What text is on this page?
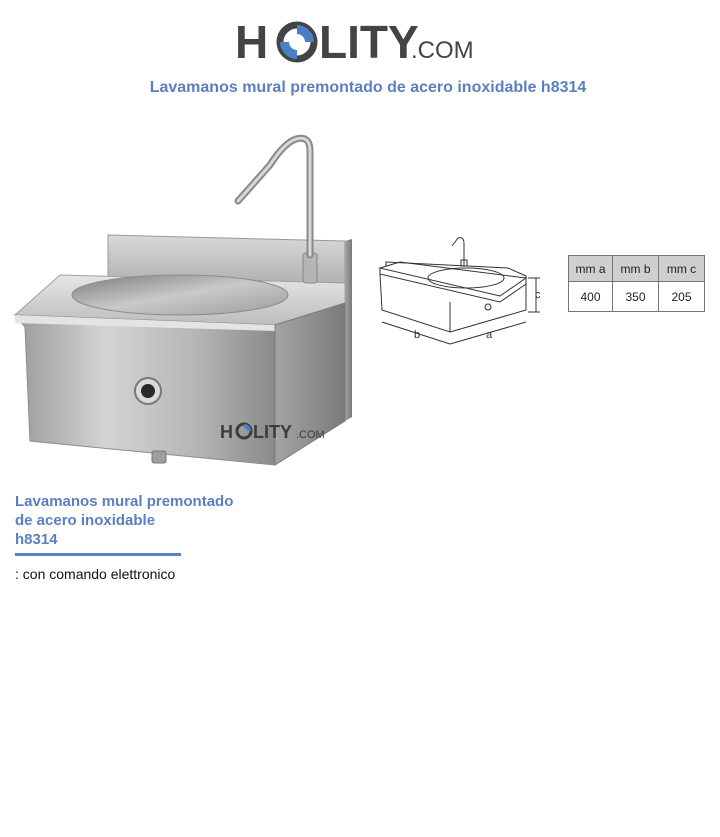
H LITY
.COM
Lavamanos mural premontado de acero inoxidable h8314
H LITY .COM
b	a
c
mm a	mm b	mm c
400	350	205
Lavamanos mural premontado
de acero inoxidable
h8314
: con comando elettronico
